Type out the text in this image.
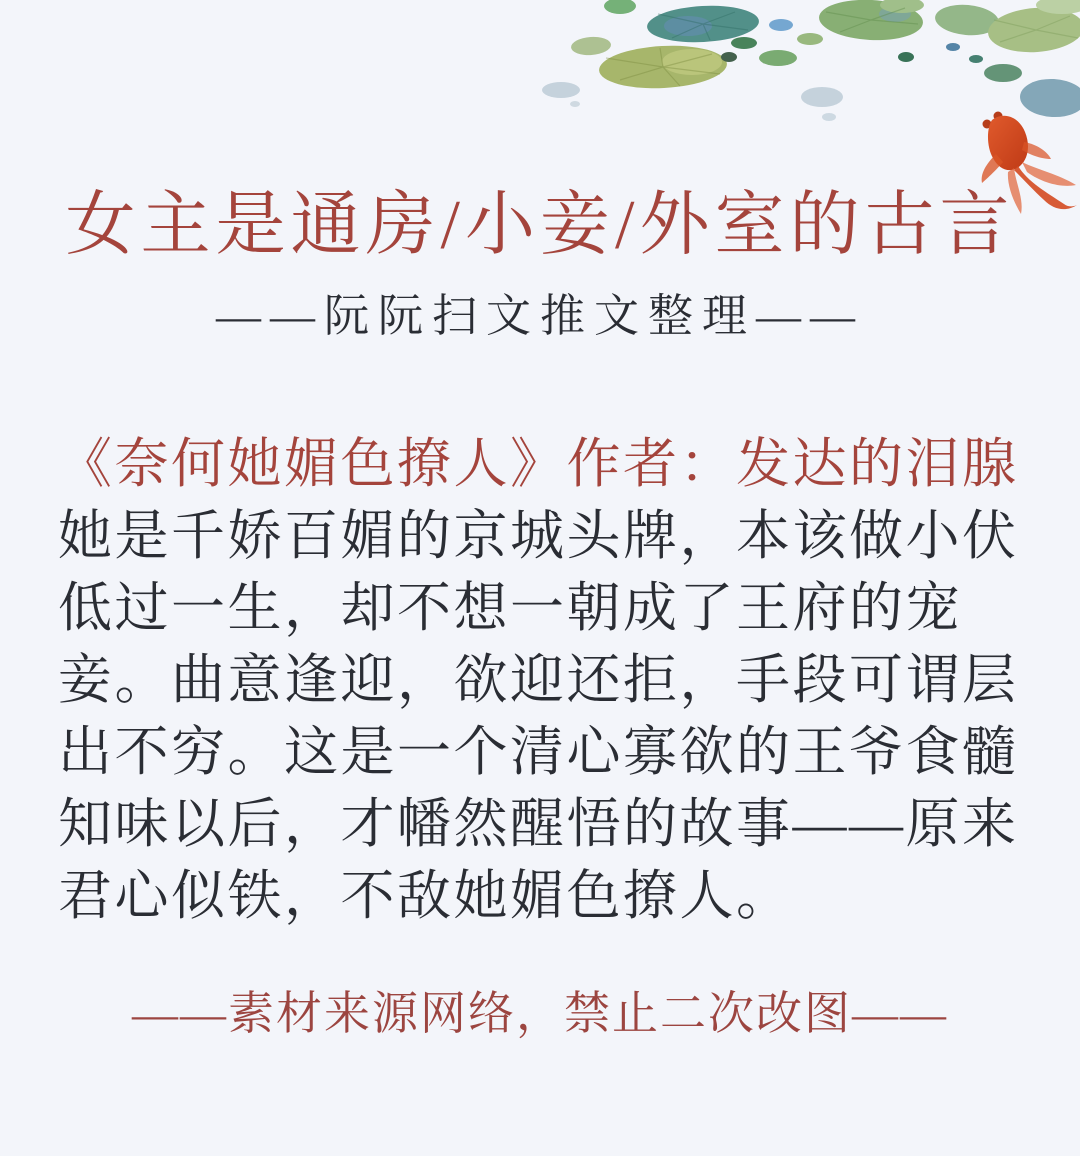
女主是通房/小妾/外室的古言
——阮阮扫文推文整理——
《奈何她媚色撩人》作者：发达的泪腺
她是千娇百媚的京城头牌，本该做小伏
低过一生，却不想一朝成了王府的宠
妾。曲意逢迎，欲迎还拒，手段可谓层
出不穷。这是一个清心寡欲的王爷食髓
知味以后，才幡然醒悟的故事——原来
君心似铁，不敌她媚色撩人。
——素材来源网络，禁止二次改图——
